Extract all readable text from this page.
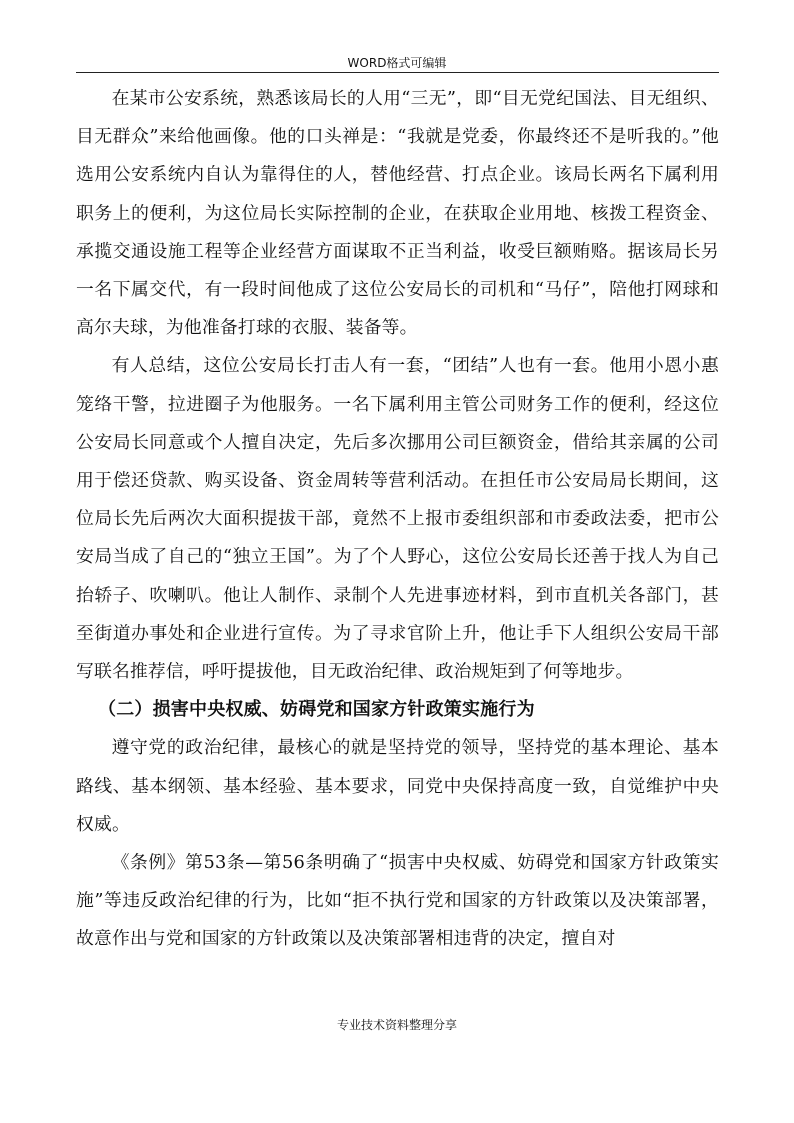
WORD格式可编辑

在某市公安系统，熟悉该局长的人用“三无”，即“目无党纪国法、目无组织、目无群众”来给他画像。他的口头禅是：“我就是党委，你最终还不是听我的。”他选用公安系统内自认为靠得住的人，替他经营、打点企业。该局长两名下属利用职务上的便利，为这位局长实际控制的企业，在获取企业用地、核拨工程资金、承揽交通设施工程等企业经营方面谋取不正当利益，收受巨额贿赂。据该局长另一名下属交代，有一段时间他成了这位公安局长的司机和“马仔”，陪他打网球和高尔夫球，为他准备打球的衣服、装备等。

有人总结，这位公安局长打击人有一套，“团结”人也有一套。他用小恩小惠笼络干警，拉进圈子为他服务。一名下属利用主管公司财务工作的便利，经这位公安局长同意或个人擅自决定，先后多次挪用公司巨额资金，借给其亲属的公司用于偿还贷款、购买设备、资金周转等营利活动。在担任市公安局局长期间，这位局长先后两次大面积提拔干部，竟然不上报市委组织部和市委政法委，把市公安局当成了自己的“独立王国”。为了个人野心，这位公安局长还善于找人为自己抬轿子、吹喇叭。他让人制作、录制个人先进事迹材料，到市直机关各部门，甚至街道办事处和企业进行宣传。为了寻求官阶上升，他让手下人组织公安局干部写联名推荐信，呼吁提拔他，目无政治纪律、政治规矩到了何等地步。

（二）损害中央权威、妨碍党和国家方针政策实施行为

遵守党的政治纪律，最核心的就是坚持党的领导，坚持党的基本理论、基本路线、基本纲领、基本经验、基本要求，同党中央保持高度一致，自觉维护中央权威。

《条例》第53条—第56条明确了“损害中央权威、妨碍党和国家方针政策实施”等违反政治纪律的行为，比如“拒不执行党和国家的方针政策以及决策部署，故意作出与党和国家的方针政策以及决策部署相违背的决定，擅自对

专业技术资料整理分享
